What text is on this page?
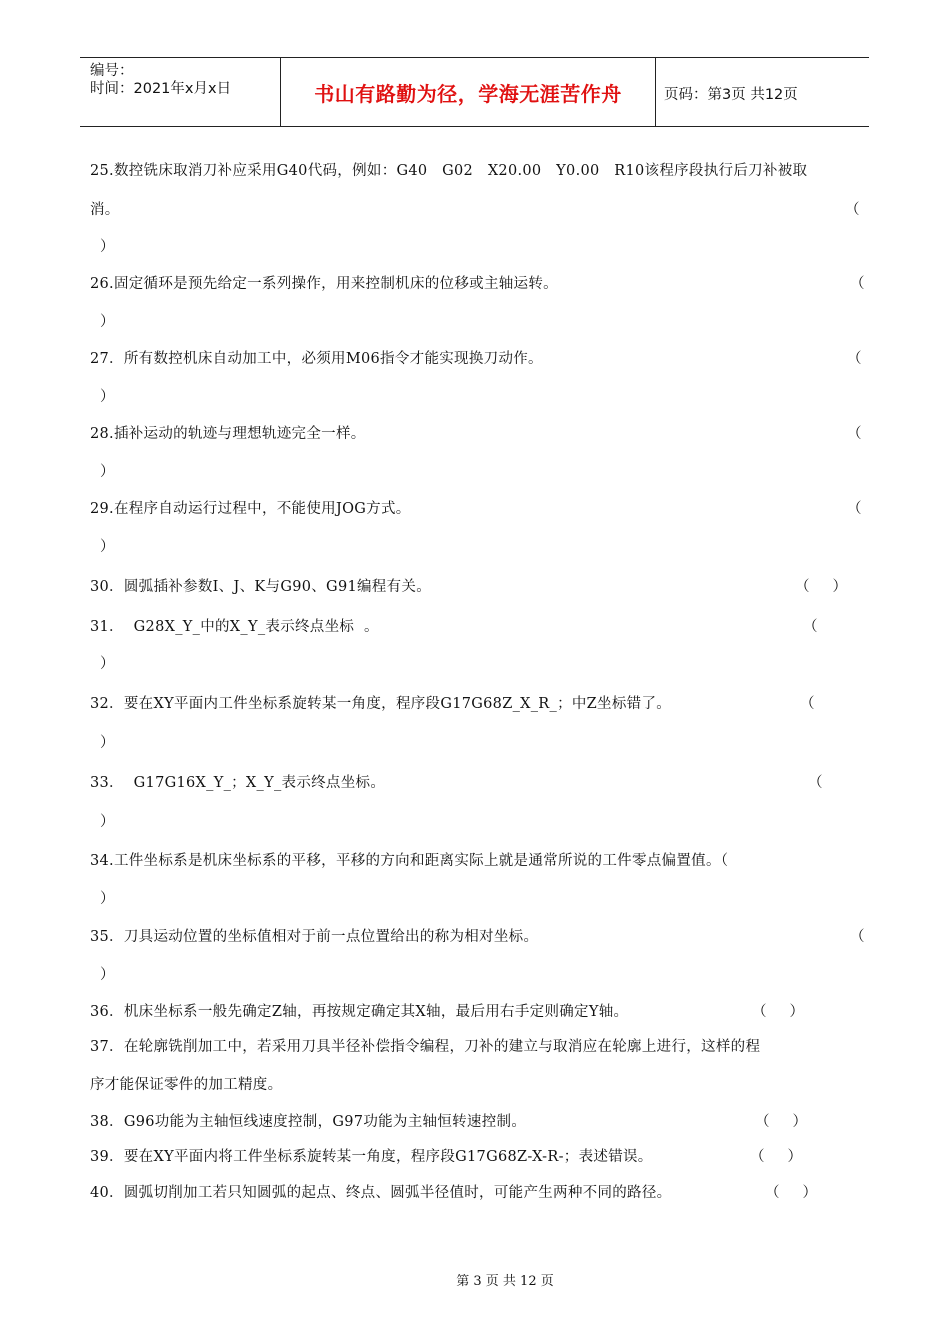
编号：
时间：2021年x月x日	书山有路勤为径，学海无涯苦作舟	页码：第3页 共12页
25.数控铣床取消刀补应采用G40代码，例如：G40   G02   X20.00   Y0.00   R10该程序段执行后刀补被取
消。	（
）
26.固定循环是预先给定一系列操作，用来控制机床的位移或主轴运转。	（
）
27．所有数控机床自动加工中，必须用M06指令才能实现换刀动作。	（
）
28.插补运动的轨迹与理想轨迹完全一样。	（
）
29.在程序自动运行过程中，不能使用JOG方式。	（
）
30．圆弧插补参数I、J、K与G90、G91编程有关。	（     ）
31．  G28X_Y_中的X_Y_表示终点坐标  。	（
）
32．要在XY平面内工件坐标系旋转某一角度，程序段G17G68Z_X_R_；中Z坐标错了。	（
）
33．  G17G16X_Y_；X_Y_表示终点坐标。	（
）
34.工件坐标系是机床坐标系的平移，平移的方向和距离实际上就是通常所说的工件零点偏置值。（
）
35．刀具运动位置的坐标值相对于前一点位置给出的称为相对坐标。	（
）
36．机床坐标系一般先确定Z轴，再按规定确定其X轴，最后用右手定则确定Y轴。	（     ）
37．在轮廓铣削加工中，若采用刀具半径补偿指令编程，刀补的建立与取消应在轮廓上进行，这样的程
序才能保证零件的加工精度。
38．G96功能为主轴恒线速度控制，G97功能为主轴恒转速控制。	（     ）
39．要在XY平面内将工件坐标系旋转某一角度，程序段G17G68Z-X-R-；表述错误。	（     ）
40．圆弧切削加工若只知圆弧的起点、终点、圆弧半径值时，可能产生两种不同的路径。	（     ）
第 3 页 共 12 页
